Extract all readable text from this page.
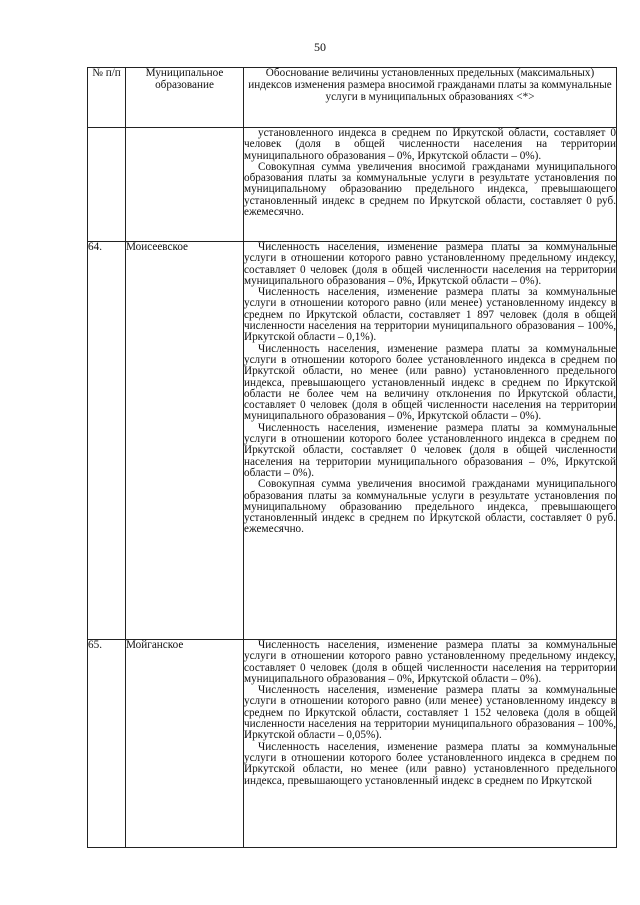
50
№ п/п	Муниципальное образование	Обоснование величины установленных предельных (максимальных) индексов изменения размера вносимой гражданами платы за коммунальные услуги в муниципальных образованиях <*>

		установленного индекса в среднем по Иркутской области, составляет 0 человек (доля в общей численности населения на территории муниципального образования – 0%, Иркутской области – 0%).

Совокупная сумма увеличения вносимой гражданами муниципального образования платы за коммунальные услуги в результате установления по муниципальному образованию предельного индекса, превышающего установленный индекс в среднем по Иркутской области, составляет 0 руб. ежемесячно.

64.	Моисеевское	Численность населения, изменение размера платы за коммунальные услуги в отношении которого равно установленному предельному индексу, составляет 0 человек (доля в общей численности населения на территории муниципального образования – 0%, Иркутской области – 0%).

Численность населения, изменение размера платы за коммунальные услуги в отношении которого равно (или менее) установленному индексу в среднем по Иркутской области, составляет 1 897 человек (доля в общей численности населения на территории муниципального образования – 100%, Иркутской области – 0,1%).

Численность населения, изменение размера платы за коммунальные услуги в отношении которого более установленного индекса в среднем по Иркутской области, но менее (или равно) установленного предельного индекса, превышающего установленный индекс в среднем по Иркутской области не более чем на величину отклонения по Иркутской области, составляет 0 человек (доля в общей численности населения на территории муниципального образования – 0%, Иркутской области – 0%).

Численность населения, изменение размера платы за коммунальные услуги в отношении которого более установленного индекса в среднем по Иркутской области, составляет 0 человек (доля в общей численности населения на территории муниципального образования – 0%, Иркутской области – 0%).

Совокупная сумма увеличения вносимой гражданами муниципального образования платы за коммунальные услуги в результате установления по муниципальному образованию предельного индекса, превышающего установленный индекс в среднем по Иркутской области, составляет 0 руб. ежемесячно.

65.	Мойганское	Численность населения, изменение размера платы за коммунальные услуги в отношении которого равно установленному предельному индексу, составляет 0 человек (доля в общей численности населения на территории муниципального образования – 0%, Иркутской области – 0%).

Численность населения, изменение размера платы за коммунальные услуги в отношении которого равно (или менее) установленному индексу в среднем по Иркутской области, составляет 1 152 человека (доля в общей численности населения на территории муниципального образования – 100%, Иркутской области – 0,05%).

Численность населения, изменение размера платы за коммунальные услуги в отношении которого более установленного индекса в среднем по Иркутской области, но менее (или равно) установленного предельного индекса, превышающего установленный индекс в среднем по Иркутской
